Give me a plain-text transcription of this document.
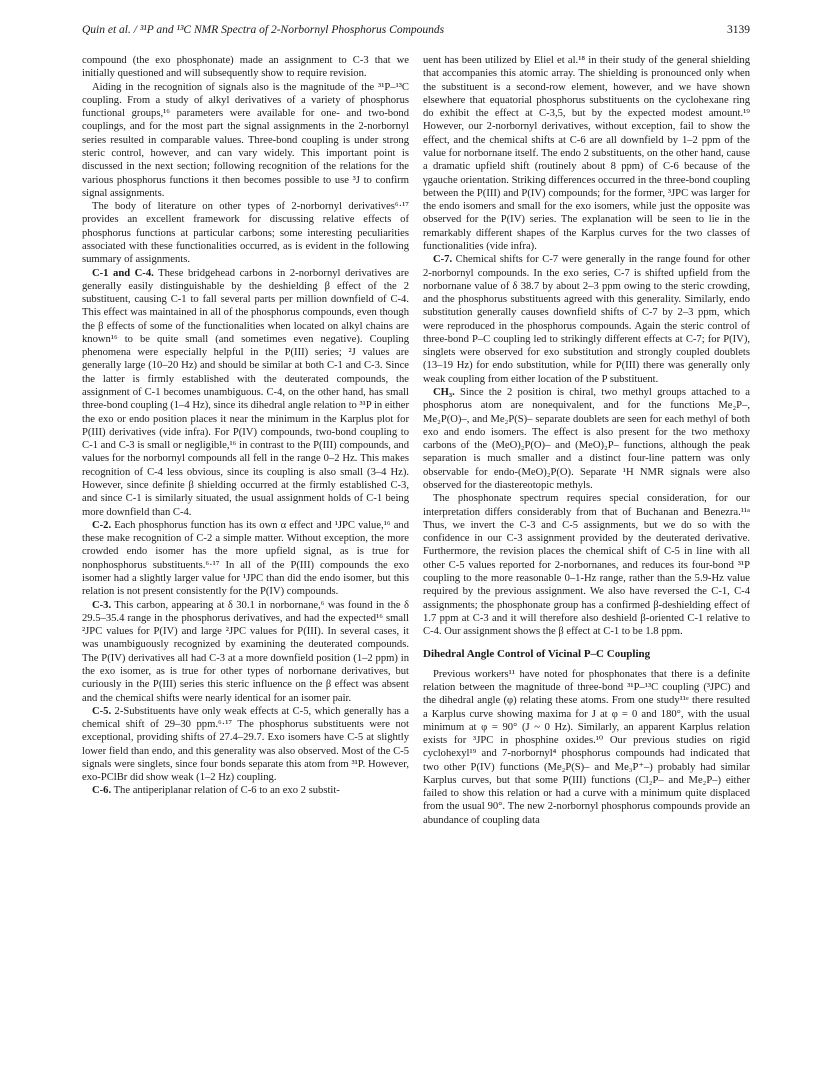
Quin et al. / ³¹P and ¹³C NMR Spectra of 2-Norbornyl Phosphorus Compounds	3139

compound (the exo phosphonate) made an assignment to C-3 that we initially questioned and will subsequently show to require revision.

Aiding in the recognition of signals also is the magnitude of the ³¹P–¹³C coupling. From a study of alkyl derivatives of a variety of phosphorus functional groups,¹⁶ parameters were available for one- and two-bond couplings, and for the most part the signal assignments in the 2-norbornyl series resulted in comparable values. Three-bond coupling is under strong steric control, however, and can vary widely. This important point is discussed in the next section; following recognition of the relations for the various phosphorus functions it then becomes possible to use ³J to confirm signal assignments.

The body of literature on other types of 2-norbornyl derivatives⁶·¹⁷ provides an excellent framework for discussing relative effects of phosphorus functions at particular carbons; some interesting peculiarities associated with these functionalities occurred, as is evident in the following summary of assignments.

C-1 and C-4. These bridgehead carbons in 2-norbornyl derivatives are generally easily distinguishable by the deshielding β effect of the 2 substituent, causing C-1 to fall several parts per million downfield of C-4. This effect was maintained in all of the phosphorus compounds, even though the β effects of some of the functionalities when located on alkyl chains are known¹⁶ to be quite small (and sometimes even negative). Coupling phenomena were especially helpful in the P(III) series; ²J values are generally large (10–20 Hz) and should be similar at both C-1 and C-3. Since the latter is firmly established with the deuterated compounds, the assignment of C-1 becomes unambiguous. C-4, on the other hand, has small three-bond coupling (1–4 Hz), since its dihedral angle relation to ³¹P in either the exo or endo position places it near the minimum in the Karplus plot for P(III) derivatives (vide infra). For P(IV) compounds, two-bond coupling to C-1 and C-3 is small or negligible,¹⁶ in contrast to the P(III) compounds, and values for the norbornyl compounds all fell in the range 0–2 Hz. This makes recognition of C-4 less obvious, since its coupling is also small (3–4 Hz). However, since definite β shielding occurred at the firmly established C-3, and since C-1 is similarly situated, the usual assignment holds of C-1 being more downfield than C-4.

C-2. Each phosphorus function has its own α effect and ¹JPC value,¹⁶ and these make recognition of C-2 a simple matter. Without exception, the more crowded endo isomer has the more upfield signal, as is true for nonphosphorus substituents.⁶·¹⁷ In all of the P(III) compounds the exo isomer had a slightly larger value for ¹JPC than did the endo isomer, but this relation is not present consistently for the P(IV) compounds.

C-3. This carbon, appearing at δ 30.1 in norbornane,⁶ was found in the δ 29.5–35.4 range in the phosphorus derivatives, and had the expected¹⁶ small ²JPC values for P(IV) and large ²JPC values for P(III). In several cases, it was unambiguously recognized by examining the deuterated compounds. The P(IV) derivatives all had C-3 at a more downfield position (1–2 ppm) in the exo isomer, as is true for other types of norbornane derivatives, but curiously in the P(III) series this steric influence on the β effect was absent and the chemical shifts were nearly identical for an isomer pair.

C-5. 2-Substituents have only weak effects at C-5, which generally has a chemical shift of 29–30 ppm.⁶·¹⁷ The phosphorus substituents were not exceptional, providing shifts of 27.4–29.7. Exo isomers have C-5 at slightly lower field than endo, and this generality was also observed. Most of the C-5 signals were singlets, since four bonds separate this atom from ³¹P. However, exo-PClBr did show weak (1–2 Hz) coupling.

C-6. The antiperiplanar relation of C-6 to an exo 2 substit-

uent has been utilized by Eliel et al.¹⁸ in their study of the general shielding that accompanies this atomic array. The shielding is pronounced only when the substituent is a second-row element, however, and we have shown elsewhere that equatorial phosphorus substituents on the cyclohexane ring do exhibit the effect at C-3,5, but by the expected modest amount.¹⁹ However, our 2-norbornyl derivatives, without exception, fail to show the effect, and the chemical shifts at C-6 are all downfield by 1–2 ppm of the value for norbornane itself. The endo 2 substituents, on the other hand, cause a dramatic upfield shift (routinely about 8 ppm) of C-6 because of the γgauche orientation. Striking differences occurred in the three-bond coupling between the P(III) and P(IV) compounds; for the former, ³JPC was larger for the endo isomers and small for the exo isomers, while just the opposite was observed for the P(IV) series. The explanation will be seen to lie in the remarkably different shapes of the Karplus curves for the two classes of functionalities (vide infra).

C-7. Chemical shifts for C-7 were generally in the range found for other 2-norbornyl compounds. In the exo series, C-7 is shifted upfield from the norbornane value of δ 38.7 by about 2–3 ppm owing to the steric crowding, and the phosphorus substituents agreed with this generality. Similarly, endo substitution generally causes downfield shifts of C-7 by 2–3 ppm, which were reproduced in the phosphorus compounds. Again the steric control of three-bond P–C coupling led to strikingly different effects at C-7; for P(IV), singlets were observed for exo substitution and strongly coupled doublets (13–19 Hz) for endo substitution, while for P(III) there was generally only weak coupling from either location of the P substituent.

CH₃. Since the 2 position is chiral, two methyl groups attached to a phosphorus atom are nonequivalent, and for the functions Me₂P–, Me₂P(O)–, and Me₂P(S)– separate doublets are seen for each methyl of both exo and endo isomers. The effect is also present for the two methoxy carbons of the (MeO)₂P(O)– and (MeO)₂P– functions, although the peak separation is much smaller and a distinct four-line pattern was only observable for endo-(MeO)₂P(O). Separate ¹H NMR signals were also observed for the diastereotopic methyls.

The phosphonate spectrum requires special consideration, for our interpretation differs considerably from that of Buchanan and Benezra.¹¹ᵃ Thus, we invert the C-3 and C-5 assignments, but we do so with the confidence in our C-3 assignment provided by the deuterated derivative. Furthermore, the revision places the chemical shift of C-5 in line with all other C-5 values reported for 2-norbornanes, and reduces its four-bond ³¹P coupling to the more reasonable 0–1-Hz range, rather than the 5.9-Hz value required by the previous assignment. We also have reversed the C-1, C-4 assignments; the phosphonate group has a confirmed β-deshielding effect of 1.7 ppm at C-3 and it will therefore also deshield β-oriented C-1 relative to C-4. Our assignment shows the β effect at C-1 to be 1.8 ppm.

Dihedral Angle Control of Vicinal P–C Coupling

Previous workers¹¹ have noted for phosphonates that there is a definite relation between the magnitude of three-bond ³¹P–¹³C coupling (³JPC) and the dihedral angle (φ) relating these atoms. From one study¹¹ᵉ there resulted a Karplus curve showing maxima for J at φ = 0 and 180°, with the usual minimum at φ = 90° (J ~ 0 Hz). Similarly, an apparent Karplus relation exists for ³JPC in phosphine oxides.¹⁰ Our previous studies on rigid cyclohexyl¹⁹ and 7-norbornyl⁴ phosphorus compounds had indicated that two other P(IV) functions (Me₂P(S)– and Me₃P⁺–) probably had similar Karplus curves, but that some P(III) functions (Cl₂P– and Me₂P–) either failed to show this relation or had a curve with a minimum quite displaced from the usual 90°. The new 2-norbornyl phosphorus compounds provide an abundance of coupling data
